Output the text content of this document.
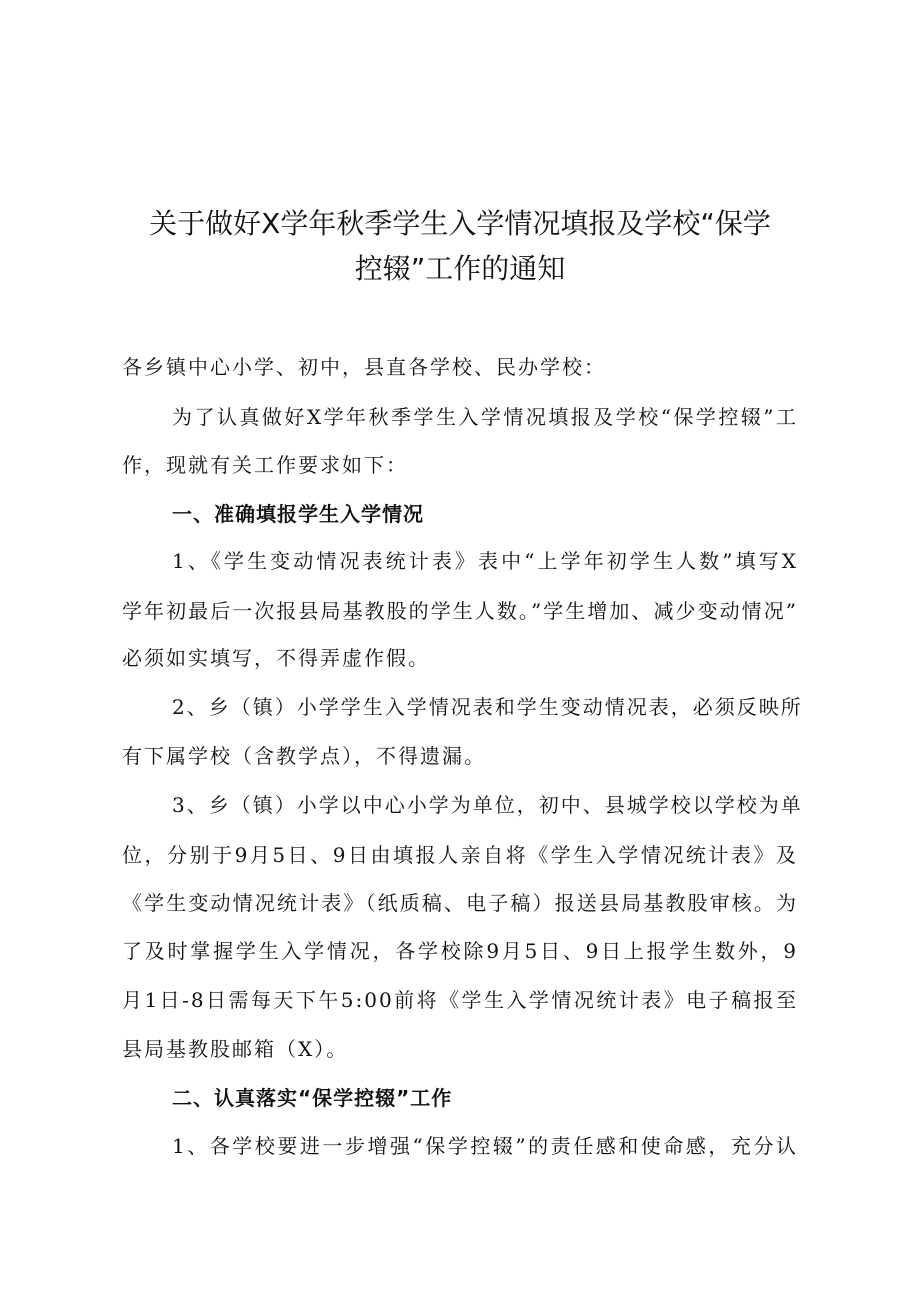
关于做好X学年秋季学生入学情况填报及学校“保学
控辍”工作的通知
各乡镇中心小学、初中，县直各学校、民办学校：
为了认真做好X学年秋季学生入学情况填报及学校“保学控辍”工
作，现就有关工作要求如下：
一、准确填报学生入学情况
1、《学生变动情况表统计表》表中“上学年初学生人数”填写X
学年初最后一次报县局基教股的学生人数。”学生增加、减少变动情况”
必须如实填写，不得弄虚作假。
2、乡（镇）小学学生入学情况表和学生变动情况表，必须反映所
有下属学校（含教学点），不得遗漏。
3、乡（镇）小学以中心小学为单位，初中、县城学校以学校为单
位，分别于9月5日、9日由填报人亲自将《学生入学情况统计表》及
《学生变动情况统计表》（纸质稿、电子稿）报送县局基教股审核。为
了及时掌握学生入学情况，各学校除9月5日、9日上报学生数外，9
月1日-8日需每天下午5:00前将《学生入学情况统计表》电子稿报至
县局基教股邮箱（X）。
二、认真落实“保学控辍”工作
1、各学校要进一步增强“保学控辍”的责任感和使命感，充分认
